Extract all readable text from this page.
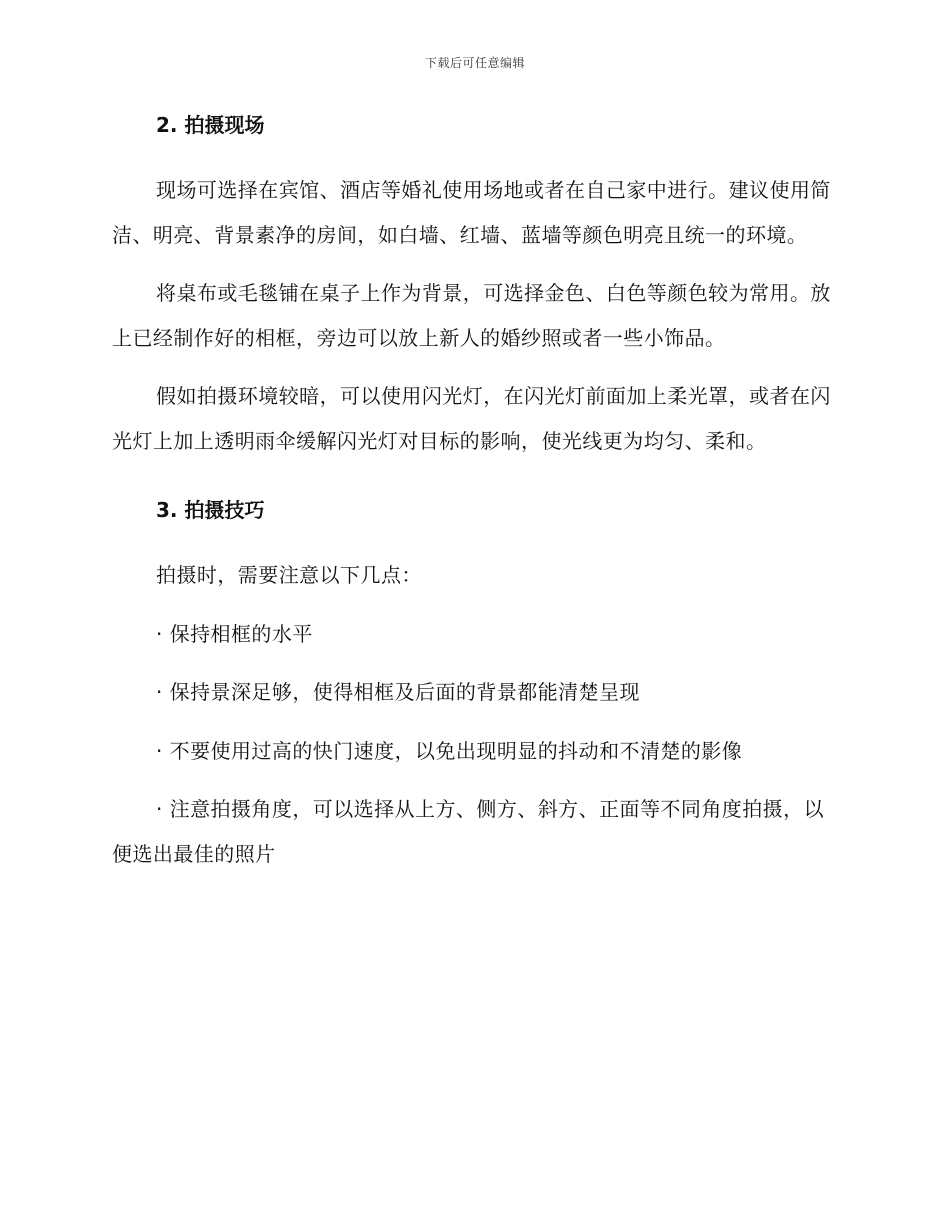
下载后可任意编辑
2. 拍摄现场

现场可选择在宾馆、酒店等婚礼使用场地或者在自己家中进行。建议使用简洁、明亮、背景素净的房间，如白墙、红墙、蓝墙等颜色明亮且统一的环境。

将桌布或毛毯铺在桌子上作为背景，可选择金色、白色等颜色较为常用。放上已经制作好的相框，旁边可以放上新人的婚纱照或者一些小饰品。

假如拍摄环境较暗，可以使用闪光灯，在闪光灯前面加上柔光罩，或者在闪光灯上加上透明雨伞缓解闪光灯对目标的影响，使光线更为均匀、柔和。

3. 拍摄技巧

拍摄时，需要注意以下几点：

· 保持相框的水平

· 保持景深足够，使得相框及后面的背景都能清楚呈现

· 不要使用过高的快门速度，以免出现明显的抖动和不清楚的影像

· 注意拍摄角度，可以选择从上方、侧方、斜方、正面等不同角度拍摄，以便选出最佳的照片
